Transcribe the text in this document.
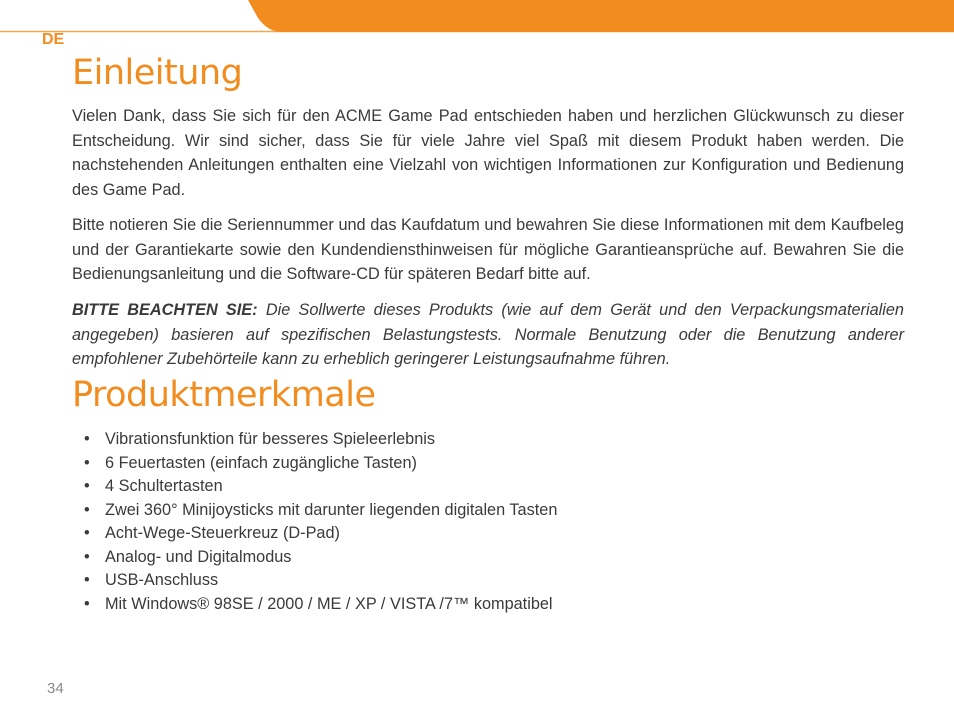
DE
Einleitung

Vielen Dank, dass Sie sich für den ACME Game Pad entschieden haben und herzlichen Glückwunsch zu dieser Entscheidung. Wir sind sicher, dass Sie für viele Jahre viel Spaß mit diesem Produkt haben werden. Die nachstehenden Anleitungen enthalten eine Vielzahl von wichtigen Informationen zur Konfiguration und Bedienung des Game Pad.

Bitte notieren Sie die Seriennummer und das Kaufdatum und bewahren Sie diese Informationen mit dem Kaufbeleg und der Garantiekarte sowie den Kundendiensthinweisen für mögliche Garantieansprüche auf. Bewahren Sie die Bedienungsanleitung und die Software-CD für späteren Bedarf bitte auf.

BITTE BEACHTEN SIE: Die Sollwerte dieses Produkts (wie auf dem Gerät und den Verpackungsmaterialien angegeben) basieren auf spezifischen Belastungstests. Normale Benutzung oder die Benutzung anderer empfohlener Zubehörteile kann zu erheblich geringerer Leistungsaufnahme führen.

Produktmerkmale
• Vibrationsfunktion für besseres Spieleerlebnis
• 6 Feuertasten (einfach zugängliche Tasten)
• 4 Schultertasten
• Zwei 360° Minijoysticks mit darunter liegenden digitalen Tasten
• Acht-Wege-Steuerkreuz (D-Pad)
• Analog- und Digitalmodus
• USB-Anschluss
• Mit Windows® 98SE / 2000 / ME / XP / VISTA /7™ kompatibel
34
